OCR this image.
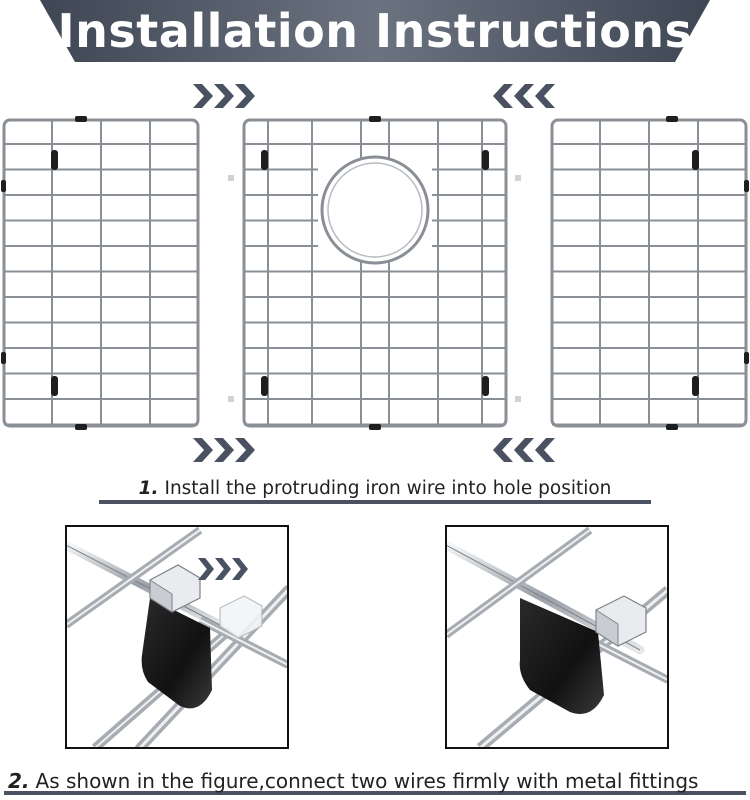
Installation Instructions
1. Install the protruding iron wire into hole position
2. As shown in the figure,connect two wires firmly with metal fittings
